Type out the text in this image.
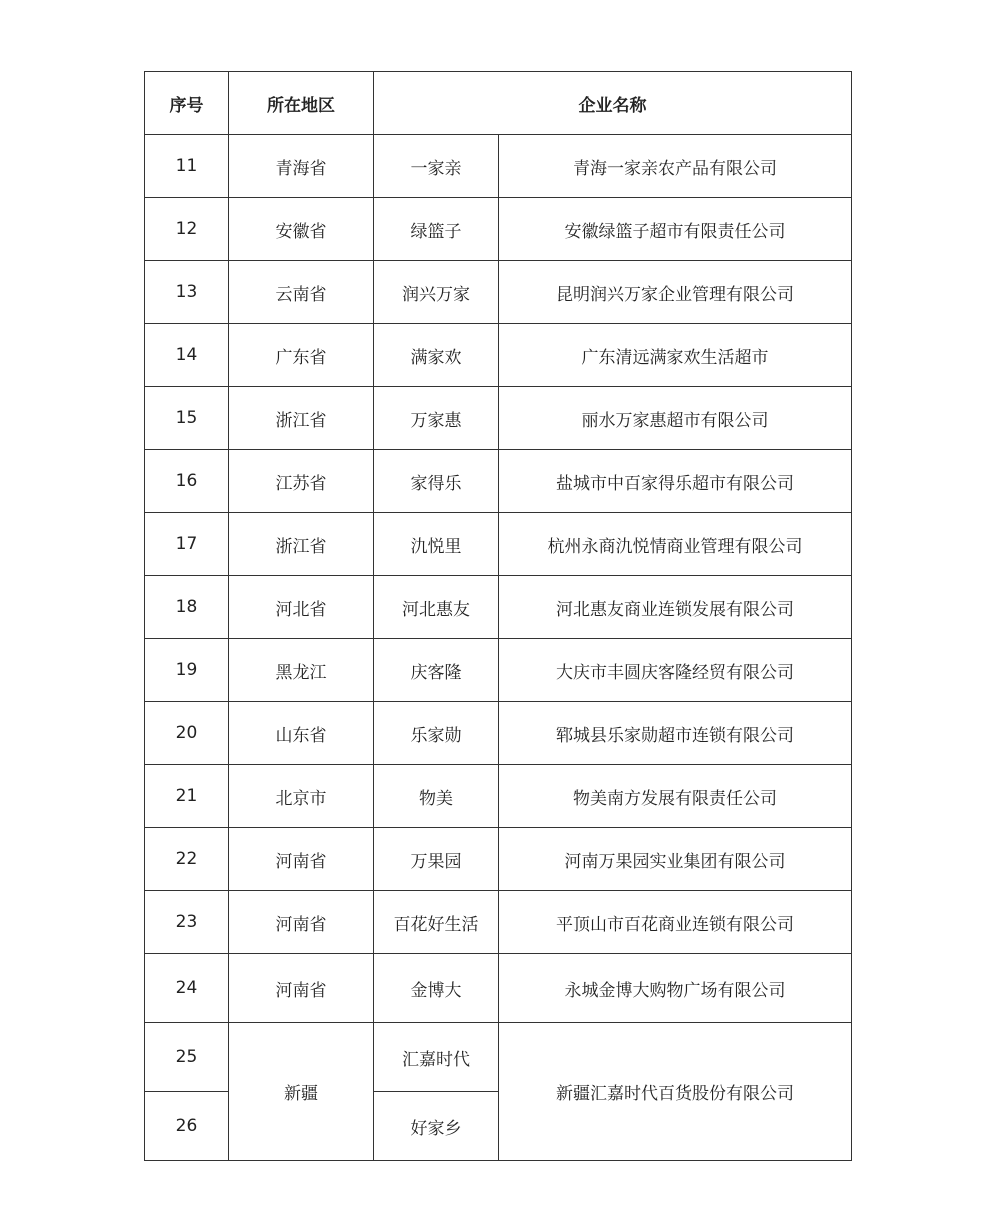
序号	所在地区	企业名称	
11	青海省	一家亲	青海一家亲农产品有限公司
12	安徽省	绿篮子	安徽绿篮子超市有限责任公司
13	云南省	润兴万家	昆明润兴万家企业管理有限公司
14	广东省	满家欢	广东清远满家欢生活超市
15	浙江省	万家惠	丽水万家惠超市有限公司
16	江苏省	家得乐	盐城市中百家得乐超市有限公司
17	浙江省	氿悦里	杭州永商氿悦情商业管理有限公司
18	河北省	河北惠友	河北惠友商业连锁发展有限公司
19	黑龙江	庆客隆	大庆市丰圆庆客隆经贸有限公司
20	山东省	乐家勋	郓城县乐家勋超市连锁有限公司
21	北京市	物美	物美南方发展有限责任公司
22	河南省	万果园	河南万果园实业集团有限公司
23	河南省	百花好生活	平顶山市百花商业连锁有限公司
24	河南省	金博大	永城金博大购物广场有限公司
25	新疆	汇嘉时代	新疆汇嘉时代百货股份有限公司
26		好家乡	
